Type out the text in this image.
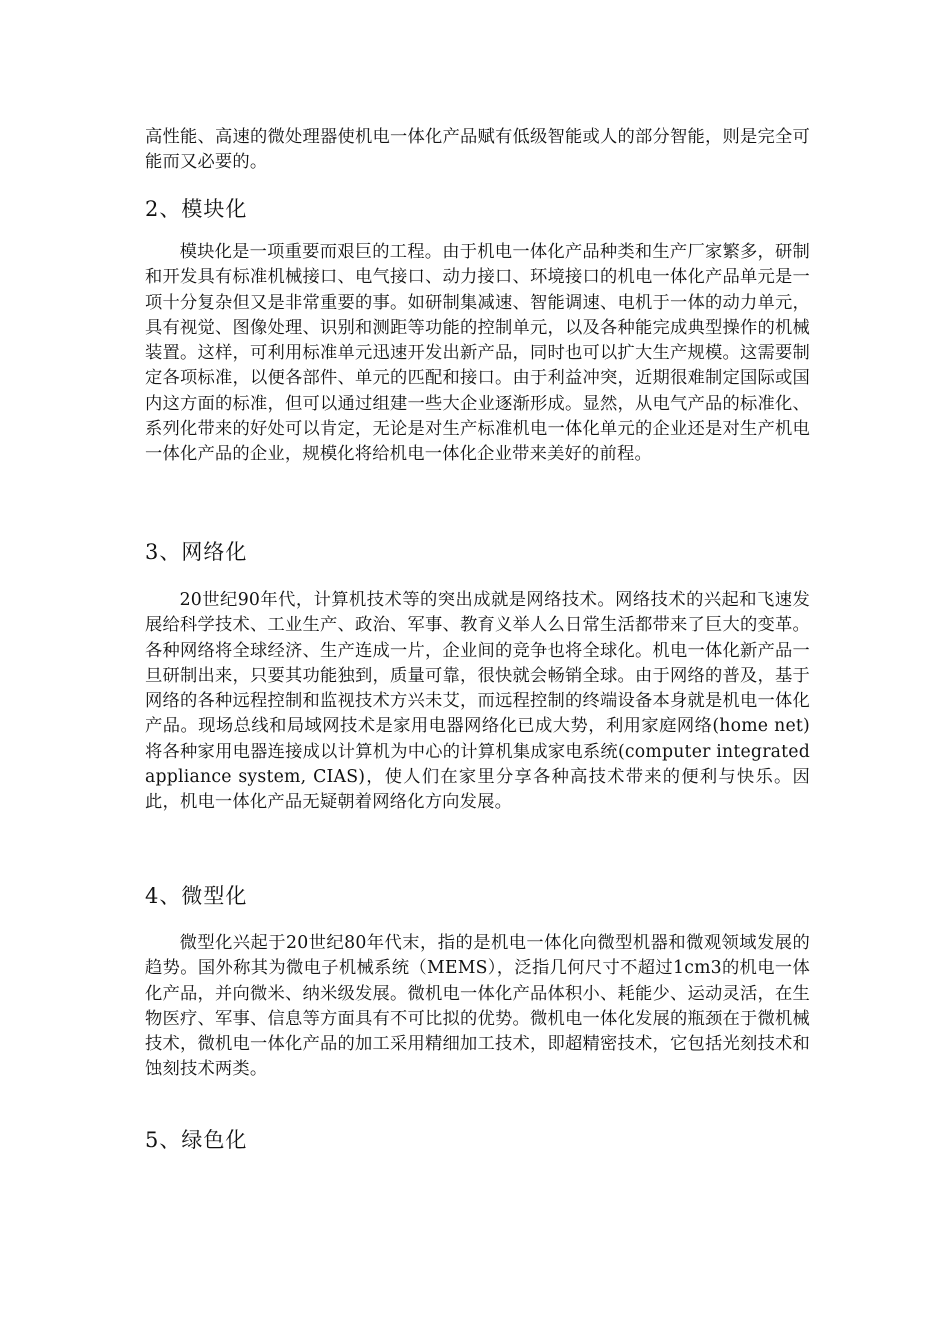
高性能、高速的微处理器使机电一体化产品赋有低级智能或人的部分智能，则是完全可能而又必要的。

2、模块化

模块化是一项重要而艰巨的工程。由于机电一体化产品种类和生产厂家繁多，研制和开发具有标准机械接口、电气接口、动力接口、环境接口的机电一体化产品单元是一项十分复杂但又是非常重要的事。如研制集减速、智能调速、电机于一体的动力单元，具有视觉、图像处理、识别和测距等功能的控制单元，以及各种能完成典型操作的机械装置。这样，可利用标准单元迅速开发出新产品，同时也可以扩大生产规模。这需要制定各项标准，以便各部件、单元的匹配和接口。由于利益冲突，近期很难制定国际或国内这方面的标准，但可以通过组建一些大企业逐渐形成。显然，从电气产品的标准化、系列化带来的好处可以肯定，无论是对生产标准机电一体化单元的企业还是对生产机电一体化产品的企业，规模化将给机电一体化企业带来美好的前程。

3、网络化

20世纪90年代，计算机技术等的突出成就是网络技术。网络技术的兴起和飞速发展给科学技术、工业生产、政治、军事、教育义举人么日常生活都带来了巨大的变革。各种网络将全球经济、生产连成一片，企业间的竞争也将全球化。机电一体化新产品一旦研制出来，只要其功能独到，质量可靠，很快就会畅销全球。由于网络的普及，基于网络的各种远程控制和监视技术方兴未艾，而远程控制的终端设备本身就是机电一体化产品。现场总线和局域网技术是家用电器网络化已成大势，利用家庭网络(home net)将各种家用电器连接成以计算机为中心的计算机集成家电系统(computer integrated appliance system, CIAS)，使人们在家里分享各种高技术带来的便利与快乐。因此，机电一体化产品无疑朝着网络化方向发展。

4、微型化

微型化兴起于20世纪80年代末，指的是机电一体化向微型机器和微观领域发展的趋势。国外称其为微电子机械系统（MEMS），泛指几何尺寸不超过1cm3的机电一体化产品，并向微米、纳米级发展。微机电一体化产品体积小、耗能少、运动灵活，在生物医疗、军事、信息等方面具有不可比拟的优势。微机电一体化发展的瓶颈在于微机械技术，微机电一体化产品的加工采用精细加工技术，即超精密技术，它包括光刻技术和蚀刻技术两类。

5、绿色化
